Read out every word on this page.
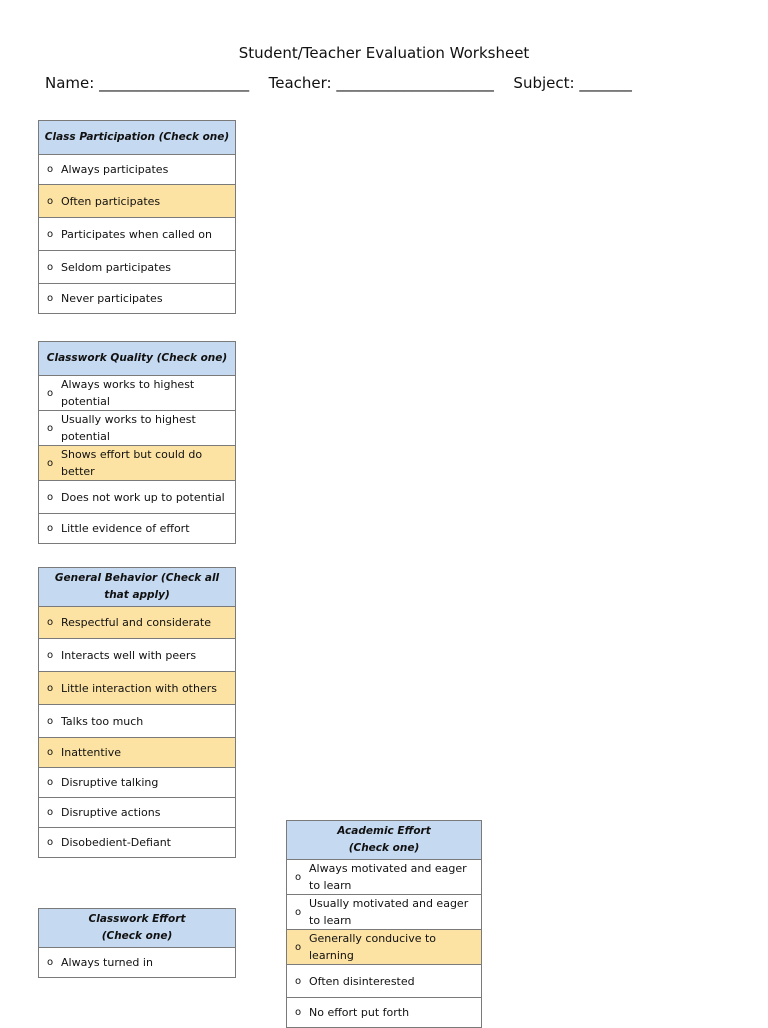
Student/Teacher Evaluation Worksheet
Name: ____________________ Teacher: _____________________ Subject: _______
Class Participation (Check one)

o Always participates

o Often participates

o Participates when called on

o Seldom participates

o Never participates
Classwork Quality (Check one)

o
Always works to highest potential

o
Usually works to highest potential

o
Shows effort but could do better

o Does not work up to potential

o Little evidence of effort
General Behavior (Check all that apply)

o Respectful and considerate

o Interacts well with peers

o Little interaction with others

o Talks too much

o Inattentive

o Disruptive talking

o Disruptive actions

o Disobedient-Defiant
Classwork Effort
(Check one)

o Always turned in
Academic Effort
(Check one)

o
Always motivated and eager to learn

o
Usually motivated and eager to learn

o
Generally conducive to learning

o Often disinterested

o No effort put forth
